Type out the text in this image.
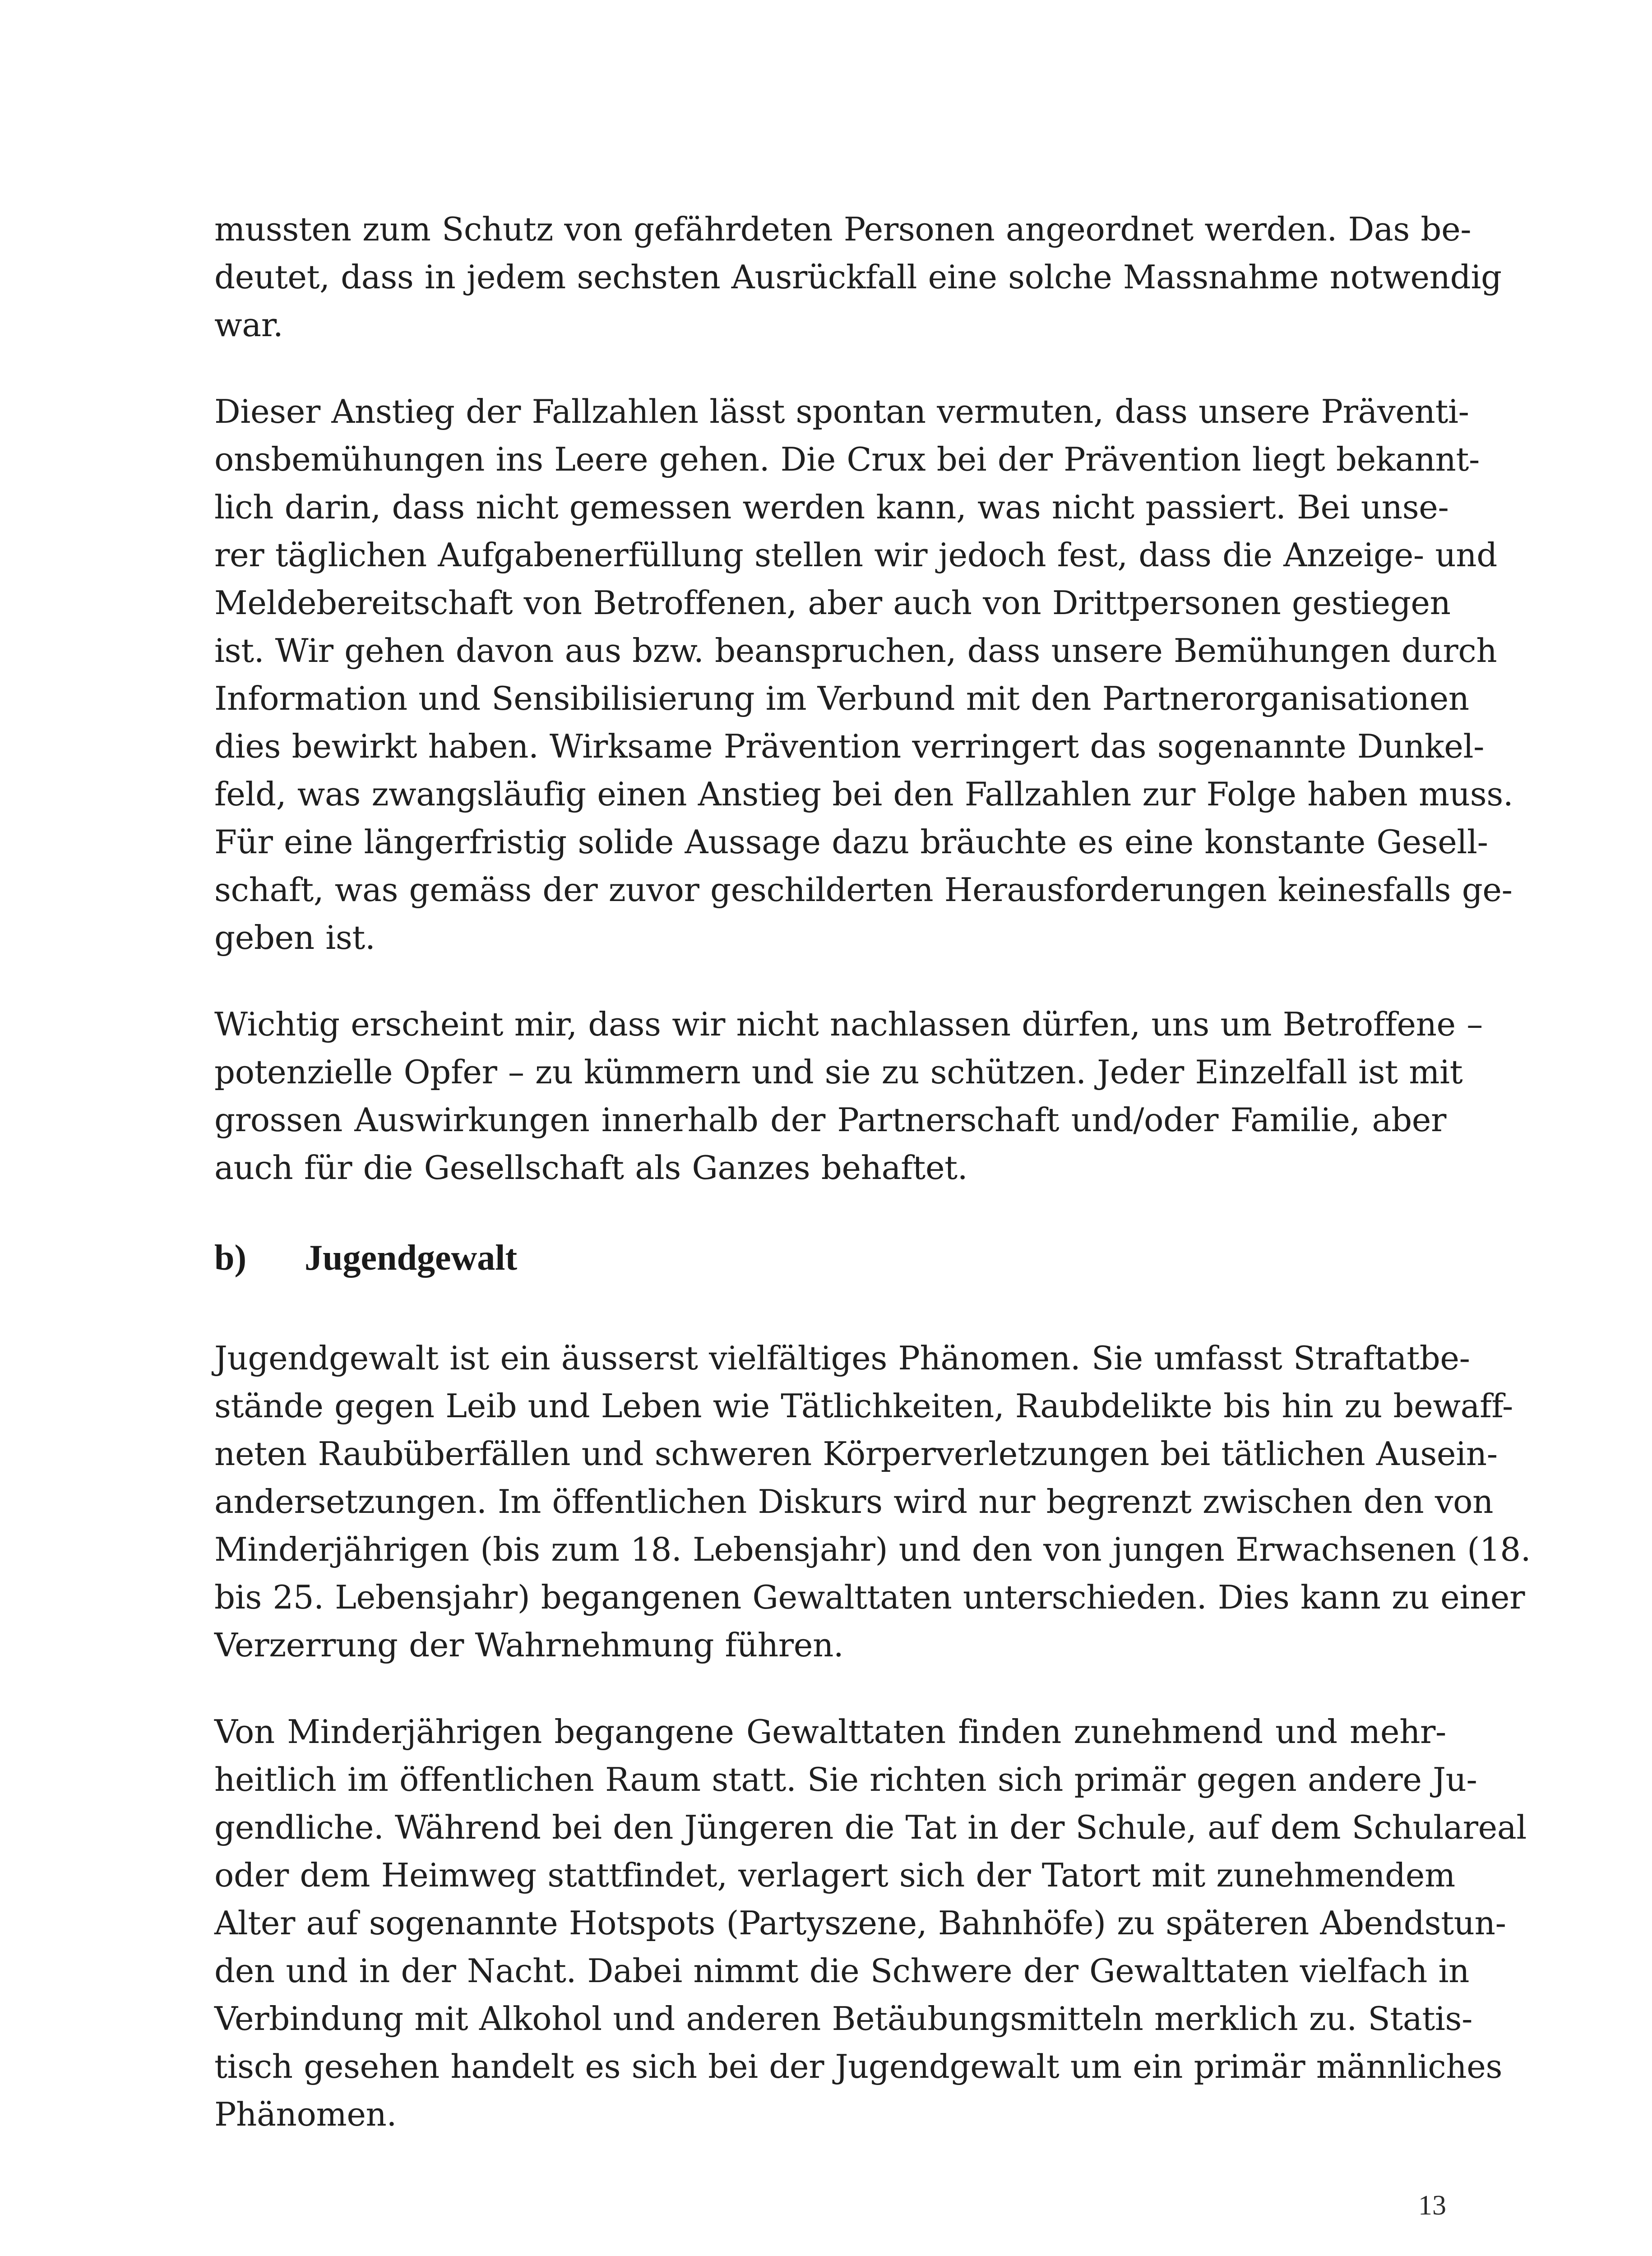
mussten zum Schutz von gefährdeten Personen angeordnet werden. Das be-
deutet, dass in jedem sechsten Ausrückfall eine solche Massnahme notwendig
war.

Dieser Anstieg der Fallzahlen lässt spontan vermuten, dass unsere Präventi-
onsbemühungen ins Leere gehen. Die Crux bei der Prävention liegt bekannt-
lich darin, dass nicht gemessen werden kann, was nicht passiert. Bei unse-
rer täglichen Aufgabenerfüllung stellen wir jedoch fest, dass die Anzeige- und
Meldebereitschaft von Betroffenen, aber auch von Drittpersonen gestiegen
ist. Wir gehen davon aus bzw. beanspruchen, dass unsere Bemühungen durch
Information und Sensibilisierung im Verbund mit den Partnerorganisationen
dies bewirkt haben. Wirksame Prävention verringert das sogenannte Dunkel-
feld, was zwangsläufig einen Anstieg bei den Fallzahlen zur Folge haben muss.
Für eine längerfristig solide Aussage dazu bräuchte es eine konstante Gesell-
schaft, was gemäss der zuvor geschilderten Herausforderungen keinesfalls ge-
geben ist.

Wichtig erscheint mir, dass wir nicht nachlassen dürfen, uns um Betroffene –
potenzielle Opfer – zu kümmern und sie zu schützen. Jeder Einzelfall ist mit
grossen Auswirkungen innerhalb der Partnerschaft und/oder Familie, aber
auch für die Gesellschaft als Ganzes behaftet.

b)	Jugendgewalt

Jugendgewalt ist ein äusserst vielfältiges Phänomen. Sie umfasst Straftatbe-
stände gegen Leib und Leben wie Tätlichkeiten, Raubdelikte bis hin zu bewaff-
neten Raubüberfällen und schweren Körperverletzungen bei tätlichen Ausein-
andersetzungen. Im öffentlichen Diskurs wird nur begrenzt zwischen den von
Minderjährigen (bis zum 18. Lebensjahr) und den von jungen Erwachsenen (18.
bis 25. Lebensjahr) begangenen Gewalttaten unterschieden. Dies kann zu einer
Verzerrung der Wahrnehmung führen.

Von Minderjährigen begangene Gewalttaten finden zunehmend und mehr-
heitlich im öffentlichen Raum statt. Sie richten sich primär gegen andere Ju-
gendliche. Während bei den Jüngeren die Tat in der Schule, auf dem Schulareal
oder dem Heimweg stattfindet, verlagert sich der Tatort mit zunehmendem
Alter auf sogenannte Hotspots (Partyszene, Bahnhöfe) zu späteren Abendstun-
den und in der Nacht. Dabei nimmt die Schwere der Gewalttaten vielfach in
Verbindung mit Alkohol und anderen Betäubungsmitteln merklich zu. Statis-
tisch gesehen handelt es sich bei der Jugendgewalt um ein primär männliches
Phänomen.

13
